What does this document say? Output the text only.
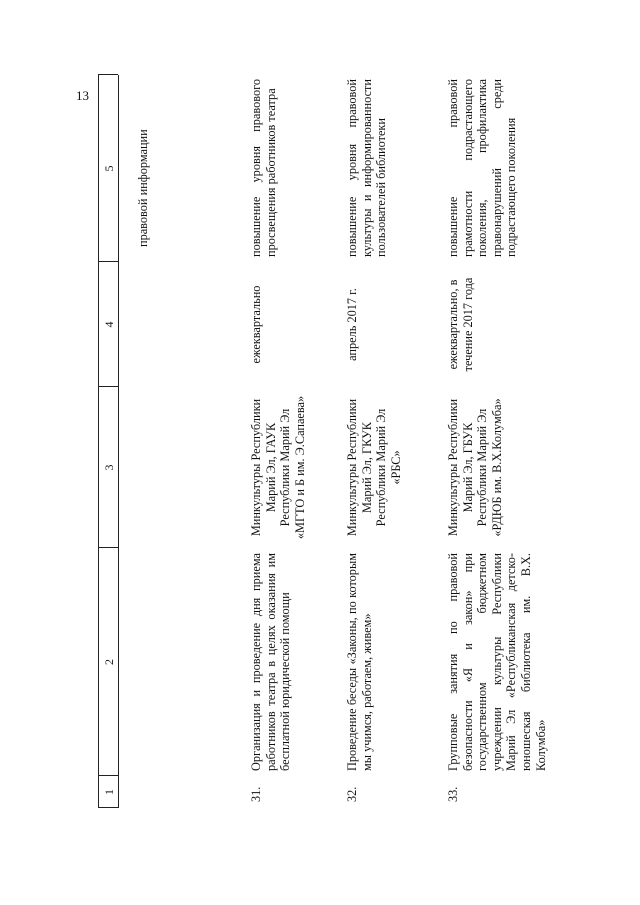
13
1
2
3
4
5 правовой информации
31.
Организация и проведение дня приема работников театра в целях оказания им бесплатной юридической помощи
Минкультуры Республики Марий Эл, ГАУК Республики Марий Эл «МГТО и Б им. Э.Сапаева»
ежеквартально
повышение уровня правового просвещения работников театра
32.
Проведение беседы «Законы, по которым мы учимся, работаем, живем»
Минкультуры Республики Марий Эл, ГКУК Республики Марий Эл «РБС»
апрель 2017 г.
повышение уровня правовой культуры и информированности пользователей библиотеки
33.
Групповые занятия по правовой безопасности «Я и закон» при государственном бюджетном учреждении культуры Республики Марий Эл «Республиканская детско-юношеская библиотека им. В.Х. Колумба»
Минкультуры Республики Марий Эл, ГБУК Республики Марий Эл «РДЮБ им. В.Х.Колумба»
ежеквартально, в течение 2017 года
повышение правовой грамотности подрастающего поколения, профилактика правонарушений среди подрастающего поколения
